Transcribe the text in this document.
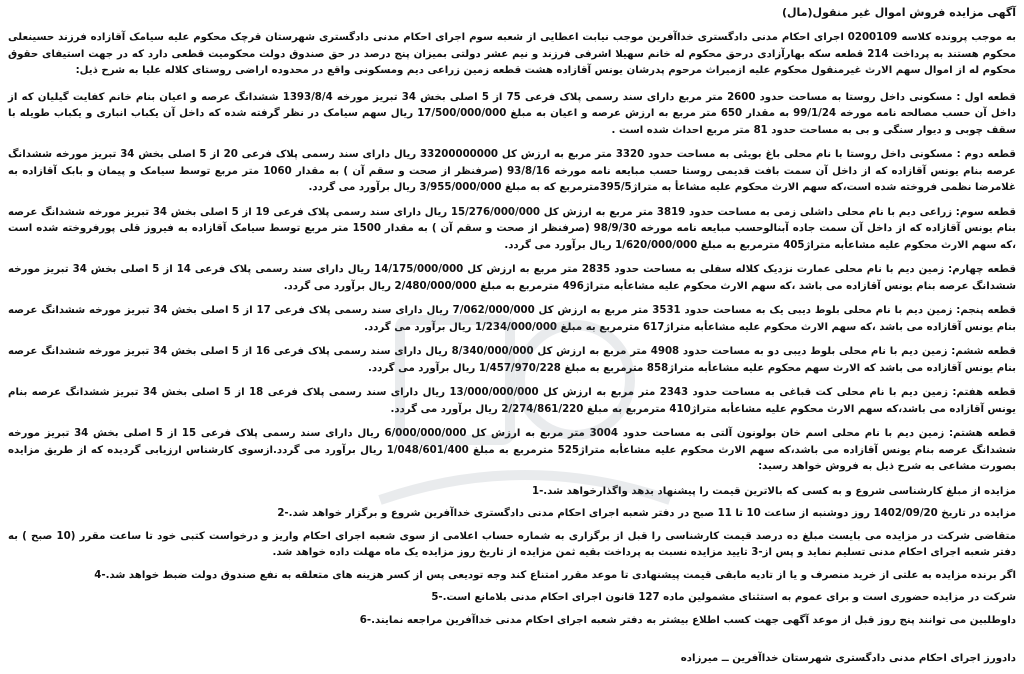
آگهی مزایده فروش اموال غیر منقول(مال)
به موجب پرونده کلاسه 0200109 اجرای احکام مدنی دادگستری خداآفرین موجب نیابت اعطایی از شعبه سوم اجرای احکام مدنی دادگستری شهرستان قرچک محکوم علیه سیامک آقازاده فرزند حسینعلی محکوم هستند به پرداخت 214 قطعه سکه بهارآزادی درحق محکوم له خانم سهیلا اشرفی فرزند و نیم عشر دولتی بمیزان پنج درصد در حق صندوق دولت محکومیت قطعی دارد که در جهت استیفای حقوق محکوم له از اموال سهم الارث غیرمنقول محکوم علیه ازمیراث مرحوم پدرشان یونس آقازاده هشت قطعه زمین زراعی دیم ومسکونی واقع در محدوده اراضی روستای کلاله علیا به شرح ذیل:
قطعه اول : مسکونی داخل روستا به مساحت حدود 2600 متر مربع دارای سند رسمی پلاک فرعی 75 از 5 اصلی بخش 34 تبریز مورخه 1393/8/4 ششدانگ عرصه و اعیان بنام خانم کفایت گیلیان که از داخل آن حسب مصالحه نامه مورخه 99/1/24 به مقدار 650 متر مربع به ارزش عرصه و اعیان به مبلغ 17/500/000/000 ریال سهم سیامک در نظر گرفته شده که داخل آن یکباب انباری و یکباب طویله با سقف چوبی و دیوار سنگی و بی به مساحت حدود 81 متر مربع احداث شده است .
قطعه دوم : مسکونی داخل روستا با نام محلی باغ بویئی به مساحت حدود 3320 متر مربع به ارزش کل 33200000000 ریال دارای سند رسمی پلاک فرعی 20 از 5 اصلی بخش 34 تبریز مورخه ششدانگ عرصه بنام یونس آقازاده که از داخل آن سمت بافت قدیمی روستا حسب مبایعه نامه مورخه 93/8/16 (صرفنظر از صحت و سقم آن ) به مقدار 1060 متر مربع توسط سیامک و پیمان و بابک آقازاده به غلامرضا نظمی فروخته شده است،که سهم الارث محکوم علیه مشاعأ به متراژ395/5مترمربع که به مبلغ 3/955/000/000 ریال برآورد می گردد.
قطعه سوم: زراعی دیم با نام محلی داشلی زمی به مساحت حدود 3819 متر مربع به ارزش کل 15/276/000/000 ریال دارای سند رسمی پلاک فرعی 19 از 5 اصلی بخش 34 تبریز مورخه ششدانگ عرصه بنام یونس آقازاده که از داخل آن سمت جاده آبنالوحسب مبایعه نامه مورخه 98/9/30 (صرفنظر از صحت و سقم آن ) به مقدار 1500 متر مربع توسط سیامک آقازاده به فیروز قلی پورفروخته شده است ،که سهم الارث محکوم علیه مشاعأبه متراژ405 مترمربع به مبلغ 1/620/000/000 ریال برآورد می گردد.
قطعه چهارم: زمین دیم با نام محلی عمارت نزدیک کلاله سفلی به مساحت حدود 2835 متر مربع به ارزش کل 14/175/000/000 ریال دارای سند رسمی پلاک فرعی 14 از 5 اصلی بخش 34 تبریز مورخه ششدانگ عرصه بنام یونس آقازاده می باشد ،که سهم الارث محکوم علیه مشاعأبه متراژ496 مترمربع به مبلغ 2/480/000/000 ریال برآورد می گردد.
قطعه پنجم: زمین دیم با نام محلی بلوط دیبی یک به مساحت حدود 3531 متر مربع به ارزش کل 7/062/000/000 ریال دارای سند رسمی پلاک فرعی 17 از 5 اصلی بخش 34 تبریز مورخه ششدانگ عرصه بنام یونس آقازاده می باشد ،که سهم الارث محکوم علیه مشاعأبه متراژ617 مترمربع به مبلغ 1/234/000/000 ریال برآورد می گردد.
قطعه ششم: زمین دیم با نام محلی بلوط دیبی دو به مساحت حدود 4908 متر مربع به ارزش کل 8/340/000/000 ریال دارای سند رسمی پلاک فرعی 16 از 5 اصلی بخش 34 تبریز مورخه ششدانگ عرصه بنام یونس آقازاده می باشد که الارث سهم محکوم علیه مشاعأبه متراژ858 مترمربع به مبلغ 1/457/970/228 ریال برآورد می گردد.
قطعه هفتم: زمین دیم با نام محلی کت قباغی به مساحت حدود 2343 متر مربع به ارزش کل 13/000/000/000 ریال دارای سند رسمی پلاک فرعی 18 از 5 اصلی بخش 34 تبریز ششدانگ عرصه بنام یونس آقازاده می باشد،که سهم الارث محکوم علیه مشاعأبه متراژ410 مترمربع به مبلغ 2/274/861/220 ریال برآورد می گردد.
قطعه هشتم: زمین دیم با نام محلی اسم خان بولونون آلتی به مساحت حدود 3004 متر مربع به ارزش کل 6/000/000/000 ریال دارای سند رسمی پلاک فرعی 15 از 5 اصلی بخش 34 تبریز مورخه ششدانگ عرصه بنام یونس آقازاده می باشد،که سهم الارث محکوم علیه مشاعأبه متراژ525 مترمربع به مبلغ 1/048/601/400 ریال برآورد می گردد.ازسوی کارشناس ارزیابی گردیده که از طریق مزایده بصورت مشاعی به شرح ذیل به فروش خواهد رسید:
مزایده از مبلغ کارشناسی شروع و به کسی که بالاترین قیمت را پیشنهاد بدهد واگذارخواهد شد.-1
مزایده در تاریخ 1402/09/20 روز دوشنبه از ساعت 10 تا 11 صبح در دفتر شعبه اجرای احکام مدنی دادگستری خداآفرین شروع و برگزار خواهد شد.-2
متقاضی شرکت در مزایده می بایست مبلغ ده درصد قیمت کارشناسی را قبل از برگزاری به شماره حساب اعلامی از سوی شعبه اجرای احکام واریز و درخواست کتبی خود تا ساعت مقرر (10 صبح ) به دفتر شعبه اجرای احکام مدنی تسلیم نماید و پس از-3 تایید مزایده نسبت به پرداخت بقیه ثمن مزایده از تاریخ روز مزایده یک ماه مهلت داده خواهد شد.
اگر برنده مزایده به علتی از خرید منصرف و یا از تادیه مابقی قیمت پیشنهادی تا موعد مقرر امتناع کند وجه تودیعی پس از کسر هزینه های متعلقه به نفع صندوق دولت ضبط خواهد شد.-4
شرکت در مزایده حضوری است و برای عموم به استثنای مشمولین ماده 127 قانون اجرای احکام مدنی بلامانع است.-5
داوطلبین می توانند پنج روز قبل از موعد آگهی جهت کسب اطلاع بیشتر به دفتر شعبه اجرای احکام مدنی خداآفرین مراجعه نمایند.-6
دادورز اجرای احکام مدنی دادگستری شهرستان خداآفرین ــ میرزاده
